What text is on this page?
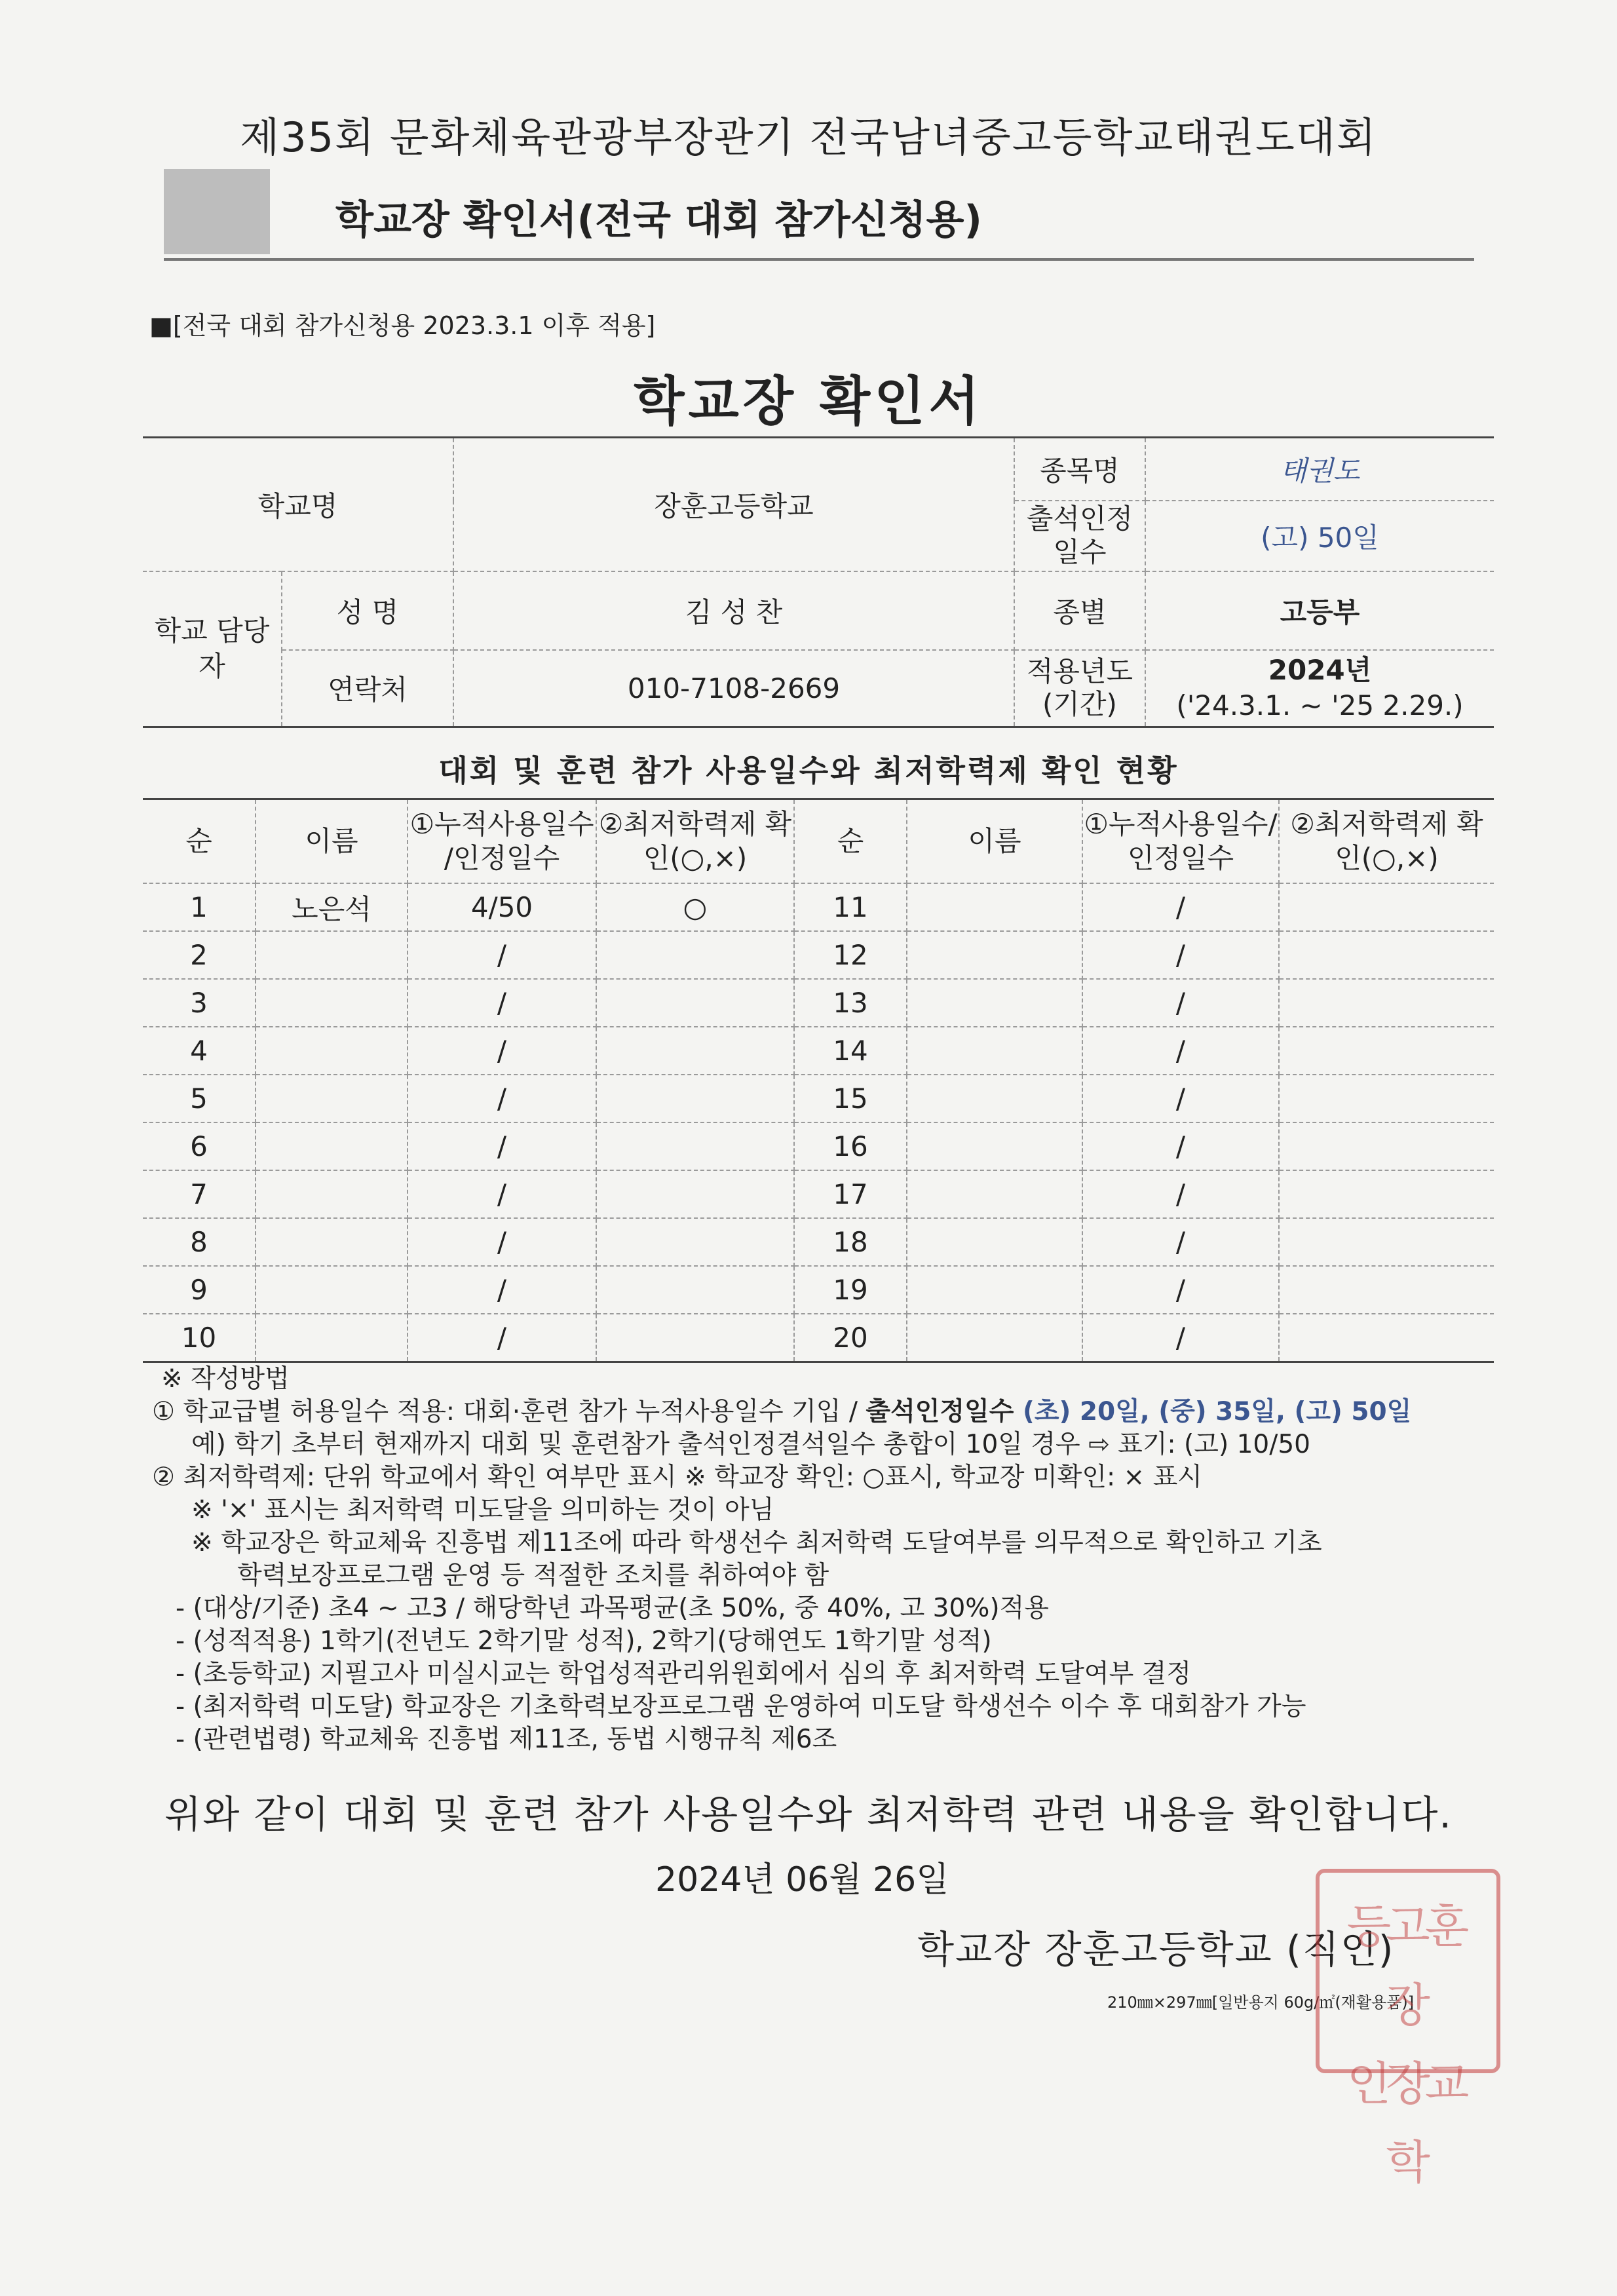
제35회 문화체육관광부장관기 전국남녀중고등학교태권도대회
학교장 확인서(전국 대회 참가신청용)
■[전국 대회 참가신청용 2023.3.1 이후 적용]
학교장 확인서
학교명		장훈고등학교	종목명	태권도
			출석인정 일수	(고) 50일
학교 담당자	성 명	김 성 찬	종별	고등부
	연락처	010-7108-2669	적용년도 (기간)	2024년
('24.3.1. ~ '25 2.29.)
대회 및 훈련 참가 사용일수와 최저학력제 확인 현황
순	이름	①누적사용일수 /인정일수	②최저학력제 확인(○,×)	순	이름	①누적사용일수/ 인정일수	②최저학력제 확인(○,×)
1	노은석	4/50	○	11		/	
2		/		12		/	
3		/		13		/	
4		/		14		/	
5		/		15		/	
6		/		16		/	
7		/		17		/	
8		/		18		/	
9		/		19		/	
10		/		20		/	
※ 작성방법
① 학교급별 허용일수 적용: 대회·훈련 참가 누적사용일수 기입 / 출석인정일수 (초) 20일, (중) 35일, (고) 50일
예) 학기 초부터 현재까지 대회 및 훈련참가 출석인정결석일수 총합이 10일 경우 ⇨ 표기: (고) 10/50
② 최저학력제: 단위 학교에서 확인 여부만 표시 ※ 학교장 확인: ○표시, 학교장 미확인: × 표시
※ '×' 표시는 최저학력 미도달을 의미하는 것이 아님
※ 학교장은 학교체육 진흥법 제11조에 따라 학생선수 최저학력 도달여부를 의무적으로 확인하고 기초
학력보장프로그램 운영 등 적절한 조치를 취하여야 함
- (대상/기준) 초4 ~ 고3 / 해당학년 과목평균(초 50%, 중 40%, 고 30%)적용
- (성적적용) 1학기(전년도 2학기말 성적), 2학기(당해연도 1학기말 성적)
- (초등학교) 지필고사 미실시교는 학업성적관리위원회에서 심의 후 최저학력 도달여부 결정
- (최저학력 미도달) 학교장은 기초학력보장프로그램 운영하여 미도달 학생선수 이수 후 대회참가 가능
- (관련법령) 학교체육 진흥법 제11조, 동법 시행규칙 제6조
위와 같이 대회 및 훈련 참가 사용일수와 최저학력 관련 내용을 확인합니다.
2024년 06월 26일
학교장 장훈고등학교 (직인)
210㎜×297㎜[일반용지 60g/㎡(재활용품)]
등고훈장
인장교학
